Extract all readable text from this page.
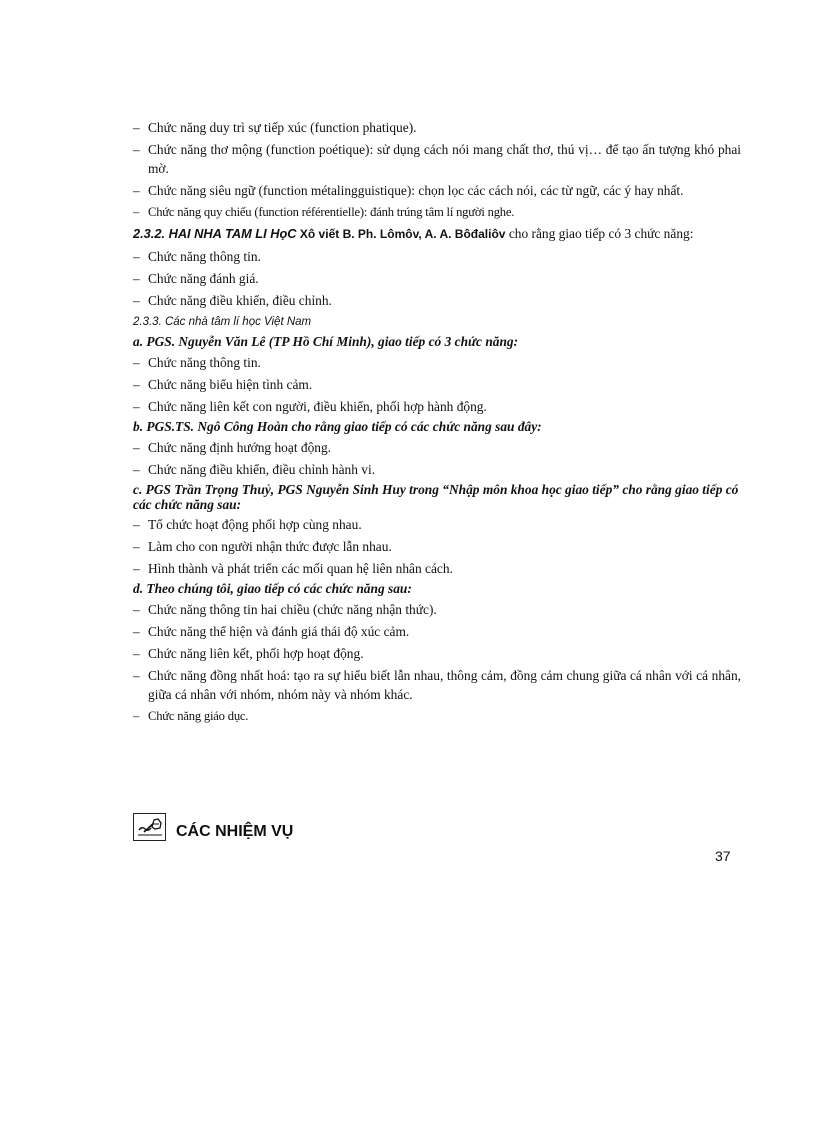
– Chức năng duy trì sự tiếp xúc (function phatique).
– Chức năng thơ mộng (function poétique): sử dụng cách nói mang chất thơ, thú vị… để tạo ấn tượng khó phai mờ.
– Chức năng siêu ngữ (function métalingguistique): chọn lọc các cách nói, các từ ngữ, các ý hay nhất.
– Chức năng quy chiếu (function référentielle): đánh trúng tâm lí người nghe.
2.3.2. HAI NHA TAM LI HọC Xô viết B. Ph. Lômôv, A. A. Bôđaliôv cho rằng giao tiếp có 3 chức năng:
– Chức năng thông tin.
– Chức năng đánh giá.
– Chức năng điều khiển, điều chỉnh.
2.3.3. Các nhà tâm lí học Việt Nam
a. PGS. Nguyễn Văn Lê (TP Hồ Chí Minh), giao tiếp có 3 chức năng:
– Chức năng thông tin.
– Chức năng biểu hiện tình cảm.
– Chức năng liên kết con người, điều khiển, phối hợp hành động.
b. PGS.TS. Ngô Công Hoàn cho rằng giao tiếp có các chức năng sau đây:
– Chức năng định hướng hoạt động.
– Chức năng điều khiển, điều chỉnh hành vi.
c. PGS Trần Trọng Thuỷ, PGS Nguyễn Sinh Huy trong “Nhập môn khoa học giao tiếp” cho rằng giao tiếp có các chức năng sau:
– Tổ chức hoạt động phối hợp cùng nhau.
– Làm cho con người nhận thức được lẫn nhau.
– Hình thành và phát triển các mối quan hệ liên nhân cách.
d. Theo chúng tôi, giao tiếp có các chức năng sau:
– Chức năng thông tin hai chiều (chức năng nhận thức).
– Chức năng thể hiện và đánh giá thái độ xúc cảm.
– Chức năng liên kết, phối hợp hoạt động.
– Chức năng đồng nhất hoá: tạo ra sự hiểu biết lẫn nhau, thông cảm, đồng cảm chung giữa cá nhân với cá nhân, giữa cá nhân với nhóm, nhóm này và nhóm khác.
– Chức năng giáo dục.
CÁC NHIỆM VỤ
37
